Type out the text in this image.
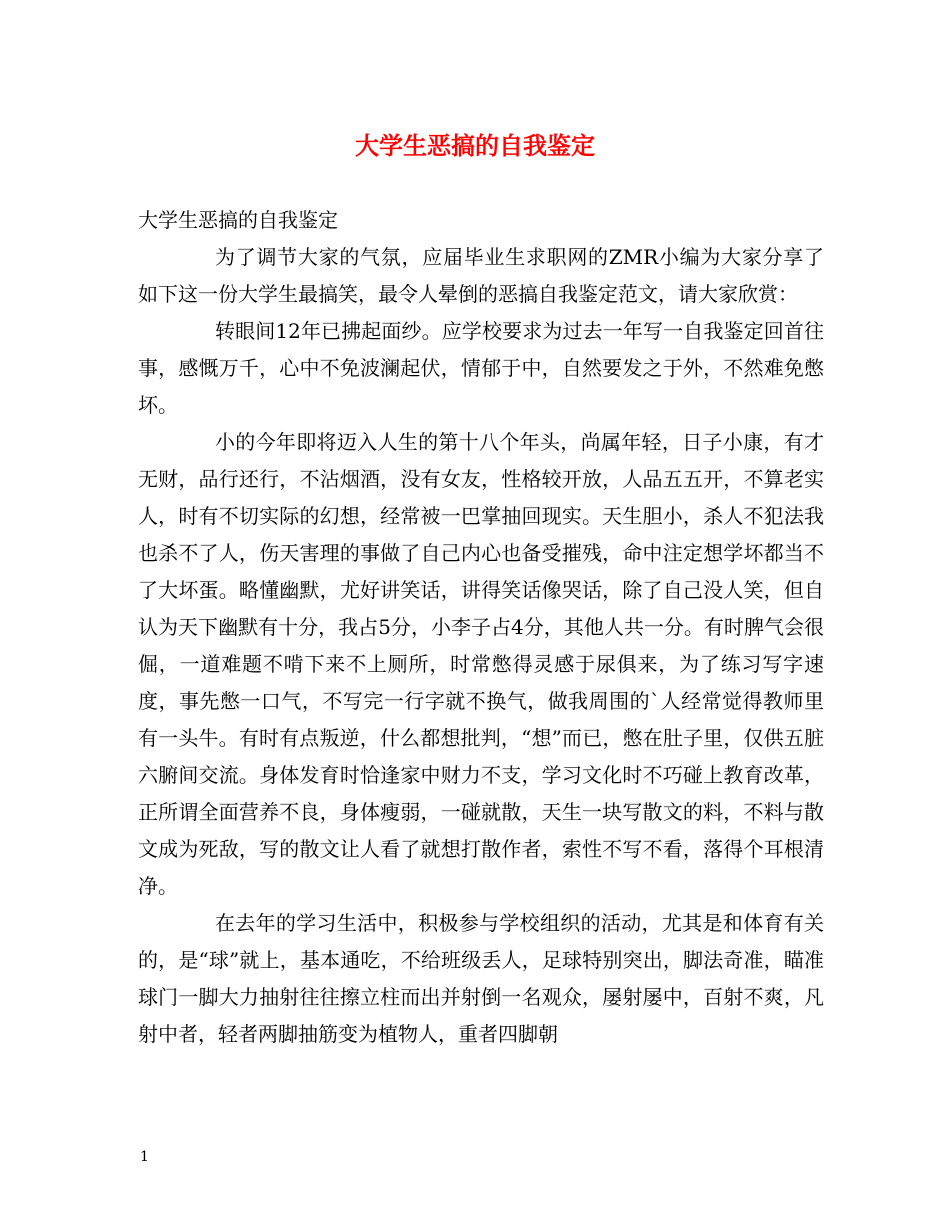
大学生恶搞的自我鉴定

大学生恶搞的自我鉴定

为了调节大家的气氛，应届毕业生求职网的ZMR小编为大家分享了如下这一份大学生最搞笑，最令人晕倒的恶搞自我鉴定范文，请大家欣赏：

转眼间12年已拂起面纱。应学校要求为过去一年写一自我鉴定回首往事，感慨万千，心中不免波澜起伏，情郁于中，自然要发之于外，不然难免憋坏。

小的今年即将迈入人生的第十八个年头，尚属年轻，日子小康，有才无财，品行还行，不沾烟酒，没有女友，性格较开放，人品五五开，不算老实人，时有不切实际的幻想，经常被一巴掌抽回现实。天生胆小，杀人不犯法我也杀不了人，伤天害理的事做了自己内心也备受摧残，命中注定想学坏都当不了大坏蛋。略懂幽默，尤好讲笑话，讲得笑话像哭话，除了自己没人笑，但自认为天下幽默有十分，我占5分，小李子占4分，其他人共一分。有时脾气会很倔，一道难题不啃下来不上厕所，时常憋得灵感于尿俱来，为了练习写字速度，事先憋一口气，不写完一行字就不换气，做我周围的`人经常觉得教师里有一头牛。有时有点叛逆，什么都想批判，“想”而已，憋在肚子里，仅供五脏六腑间交流。身体发育时恰逢家中财力不支，学习文化时不巧碰上教育改革，正所谓全面营养不良，身体瘦弱，一碰就散，天生一块写散文的料，不料与散文成为死敌，写的散文让人看了就想打散作者，索性不写不看，落得个耳根清净。

在去年的学习生活中，积极参与学校组织的活动，尤其是和体育有关的，是“球”就上，基本通吃，不给班级丢人，足球特别突出，脚法奇准，瞄准球门一脚大力抽射往往擦立柱而出并射倒一名观众，屡射屡中，百射不爽，凡射中者，轻者两脚抽筋变为植物人，重者四脚朝

1
